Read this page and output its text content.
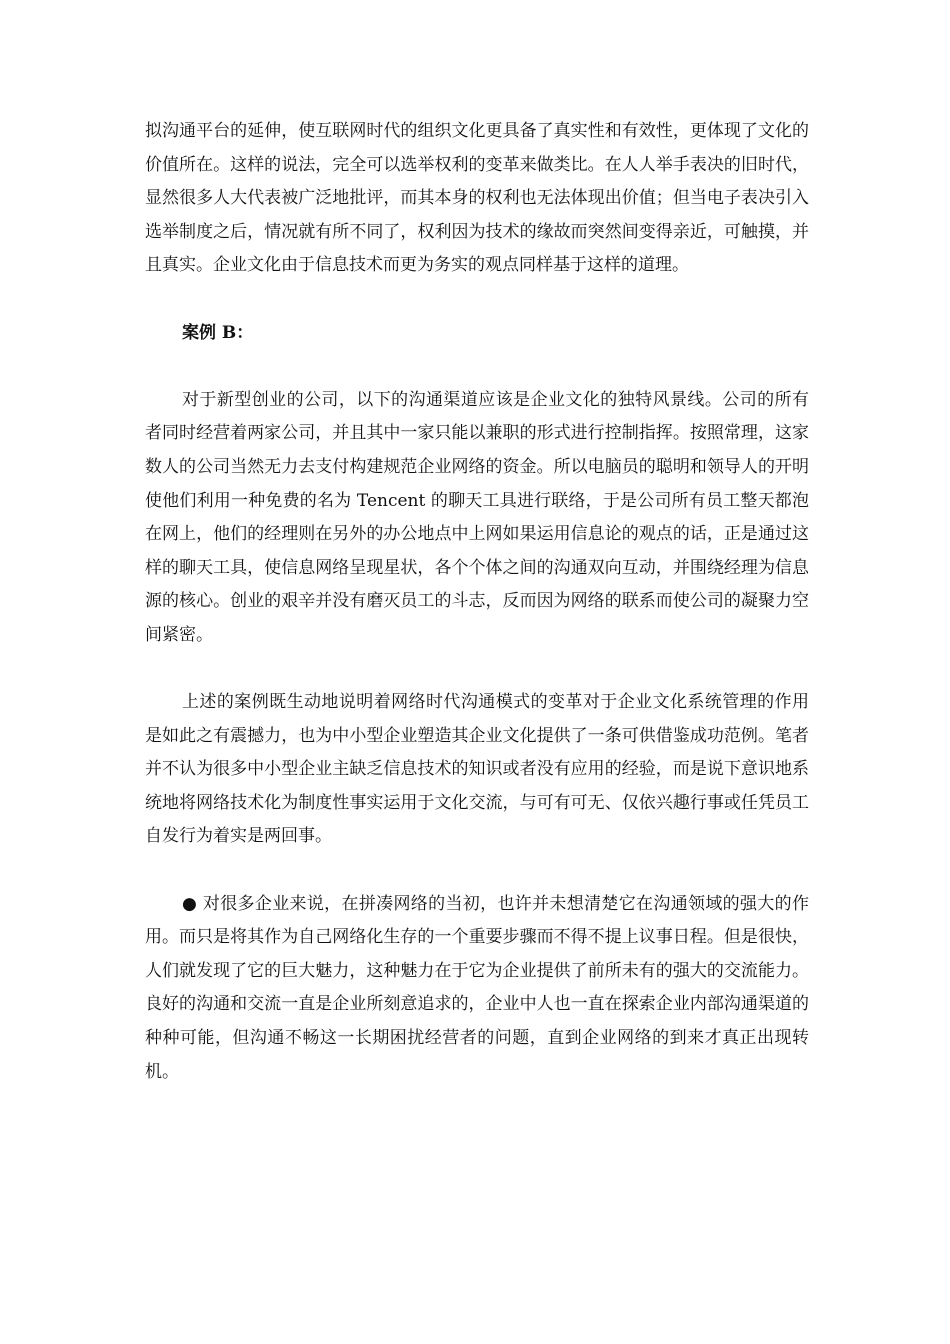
拟沟通平台的延伸，使互联网时代的组织文化更具备了真实性和有效性，更体现了文化的价值所在。这样的说法，完全可以选举权利的变革来做类比。在人人举手表决的旧时代，显然很多人大代表被广泛地批评，而其本身的权利也无法体现出价值；但当电子表决引入选举制度之后，情况就有所不同了，权利因为技术的缘故而突然间变得亲近，可触摸，并且真实。企业文化由于信息技术而更为务实的观点同样基于这样的道理。

案例 B：

对于新型创业的公司，以下的沟通渠道应该是企业文化的独特风景线。公司的所有者同时经营着两家公司，并且其中一家只能以兼职的形式进行控制指挥。按照常理，这家数人的公司当然无力去支付构建规范企业网络的资金。所以电脑员的聪明和领导人的开明使他们利用一种免费的名为 Tencent 的聊天工具进行联络，于是公司所有员工整天都泡在网上，他们的经理则在另外的办公地点中上网如果运用信息论的观点的话，正是通过这样的聊天工具，使信息网络呈现星状，各个个体之间的沟通双向互动，并围绕经理为信息源的核心。创业的艰辛并没有磨灭员工的斗志，反而因为网络的联系而使公司的凝聚力空间紧密。

上述的案例既生动地说明着网络时代沟通模式的变革对于企业文化系统管理的作用是如此之有震撼力，也为中小型企业塑造其企业文化提供了一条可供借鉴成功范例。笔者并不认为很多中小型企业主缺乏信息技术的知识或者没有应用的经验，而是说下意识地系统地将网络技术化为制度性事实运用于文化交流，与可有可无、仅依兴趣行事或任凭员工自发行为着实是两回事。

● 对很多企业来说，在拼凑网络的当初，也许并未想清楚它在沟通领域的强大的作用。而只是将其作为自己网络化生存的一个重要步骤而不得不提上议事日程。但是很快，人们就发现了它的巨大魅力，这种魅力在于它为企业提供了前所未有的强大的交流能力。良好的沟通和交流一直是企业所刻意追求的，企业中人也一直在探索企业内部沟通渠道的种种可能，但沟通不畅这一长期困扰经营者的问题，直到企业网络的到来才真正出现转机。
